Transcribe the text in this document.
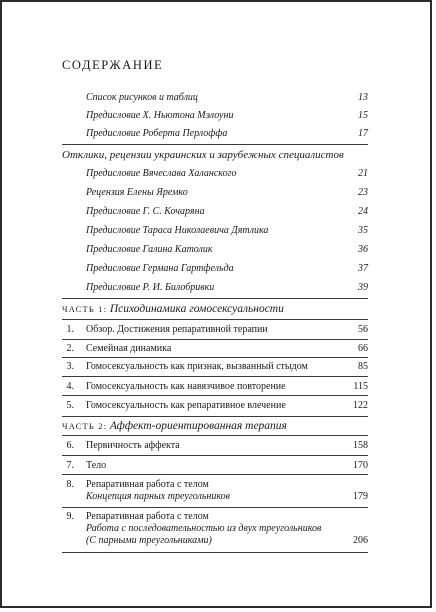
СОДЕРЖАНИЕ
Список рисунков и таблиц	13
Предисловие Х. Ньютона Мэлоуни	15
Предисловие Роберта Перлоффа	17
Отклики, рецензии украинских и зарубежных специалистов
Предисловие Вячеслава Халанского	21
Рецензия Елены Яремко	23
Предисловие Г. С. Кочаряна	24
Предисловие Тараса Николаевича Дятлика	35
Предисловие Галина Католик	36
Предисловие Германа Гартфельда	37
Предисловие Р. И. Билобривки	39
ЧАСТЬ 1: Психодинамика гомосексуальности
1. Обзор. Достижения репаративной терапии	56
2. Семейная динамика	66
3. Гомосексуальность как признак, вызванный стыдом	85
4. Гомосексуальность как навязчивое повторение	115
5. Гомосексуальность как репаративное влечение	122
ЧАСТЬ 2: Аффект-ориентированная терапия
6. Первичность аффекта	158
7. Тело	170
8. Репаративная работа с телом
Концепция парных треугольников	179
9. Репаративная работа с телом
Работа с последовательностью из двух треугольников
(С парными треугольниками)	206
